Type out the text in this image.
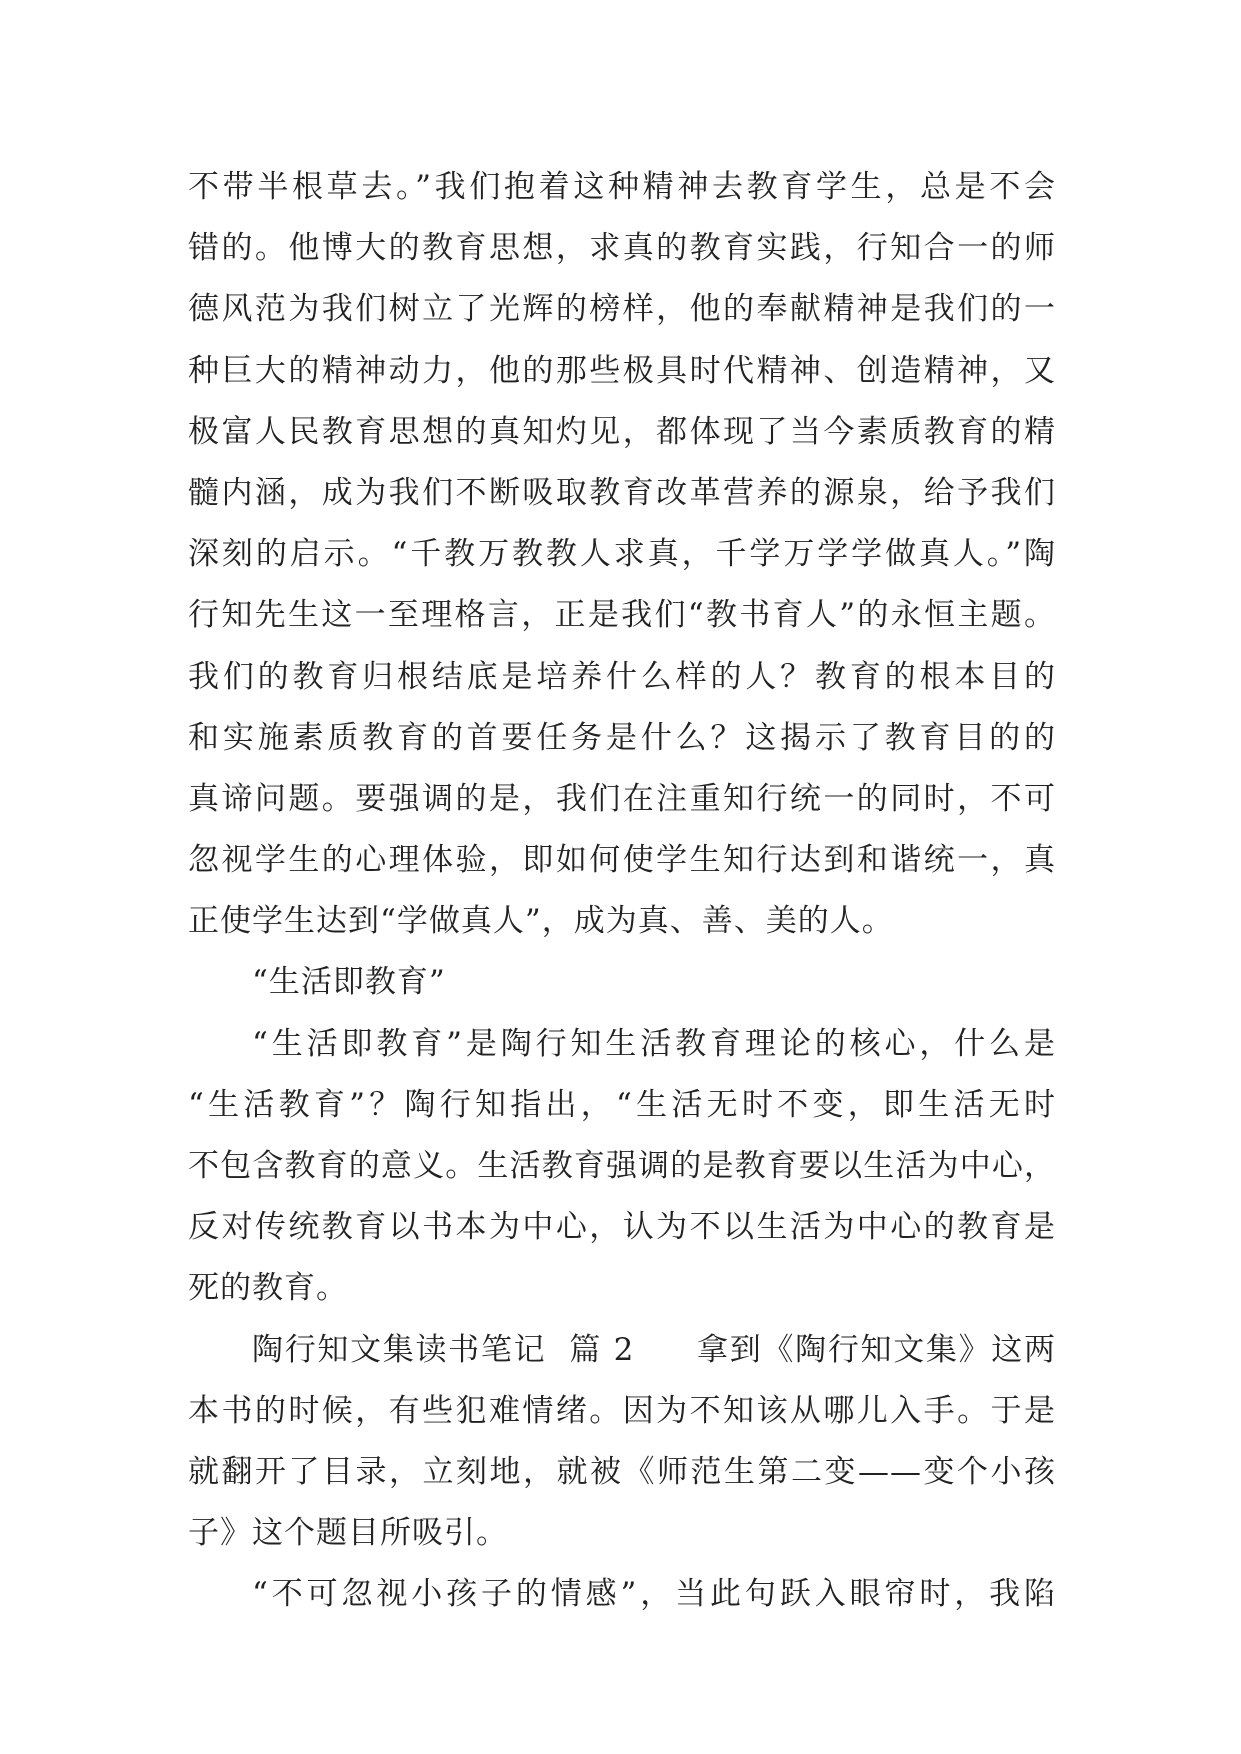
不带半根草去。”我们抱着这种精神去教育学生，总是不会
错的。他博大的教育思想，求真的教育实践，行知合一的师
德风范为我们树立了光辉的榜样，他的奉献精神是我们的一
种巨大的精神动力，他的那些极具时代精神、创造精神，又
极富人民教育思想的真知灼见，都体现了当今素质教育的精
髓内涵，成为我们不断吸取教育改革营养的源泉，给予我们
深刻的启示。“千教万教教人求真，千学万学学做真人。”陶
行知先生这一至理格言，正是我们“教书育人”的永恒主题。
我们的教育归根结底是培养什么样的人？教育的根本目的
和实施素质教育的首要任务是什么？这揭示了教育目的的
真谛问题。要强调的是，我们在注重知行统一的同时，不可
忽视学生的心理体验，即如何使学生知行达到和谐统一，真
正使学生达到“学做真人”，成为真、善、美的人。
“生活即教育”
“生活即教育”是陶行知生活教育理论的核心，什么是
“生活教育”？陶行知指出，“生活无时不变，即生活无时
不包含教育的意义。生活教育强调的是教育要以生活为中心，
反对传统教育以书本为中心，认为不以生活为中心的教育是
死的教育。
陶行知文集读书笔记  篇 2 拿到《陶行知文集》这两
本书的时候，有些犯难情绪。因为不知该从哪儿入手。于是
就翻开了目录，立刻地，就被《师范生第二变——变个小孩
子》这个题目所吸引。
“不可忽视小孩子的情感”，当此句跃入眼帘时，我陷
